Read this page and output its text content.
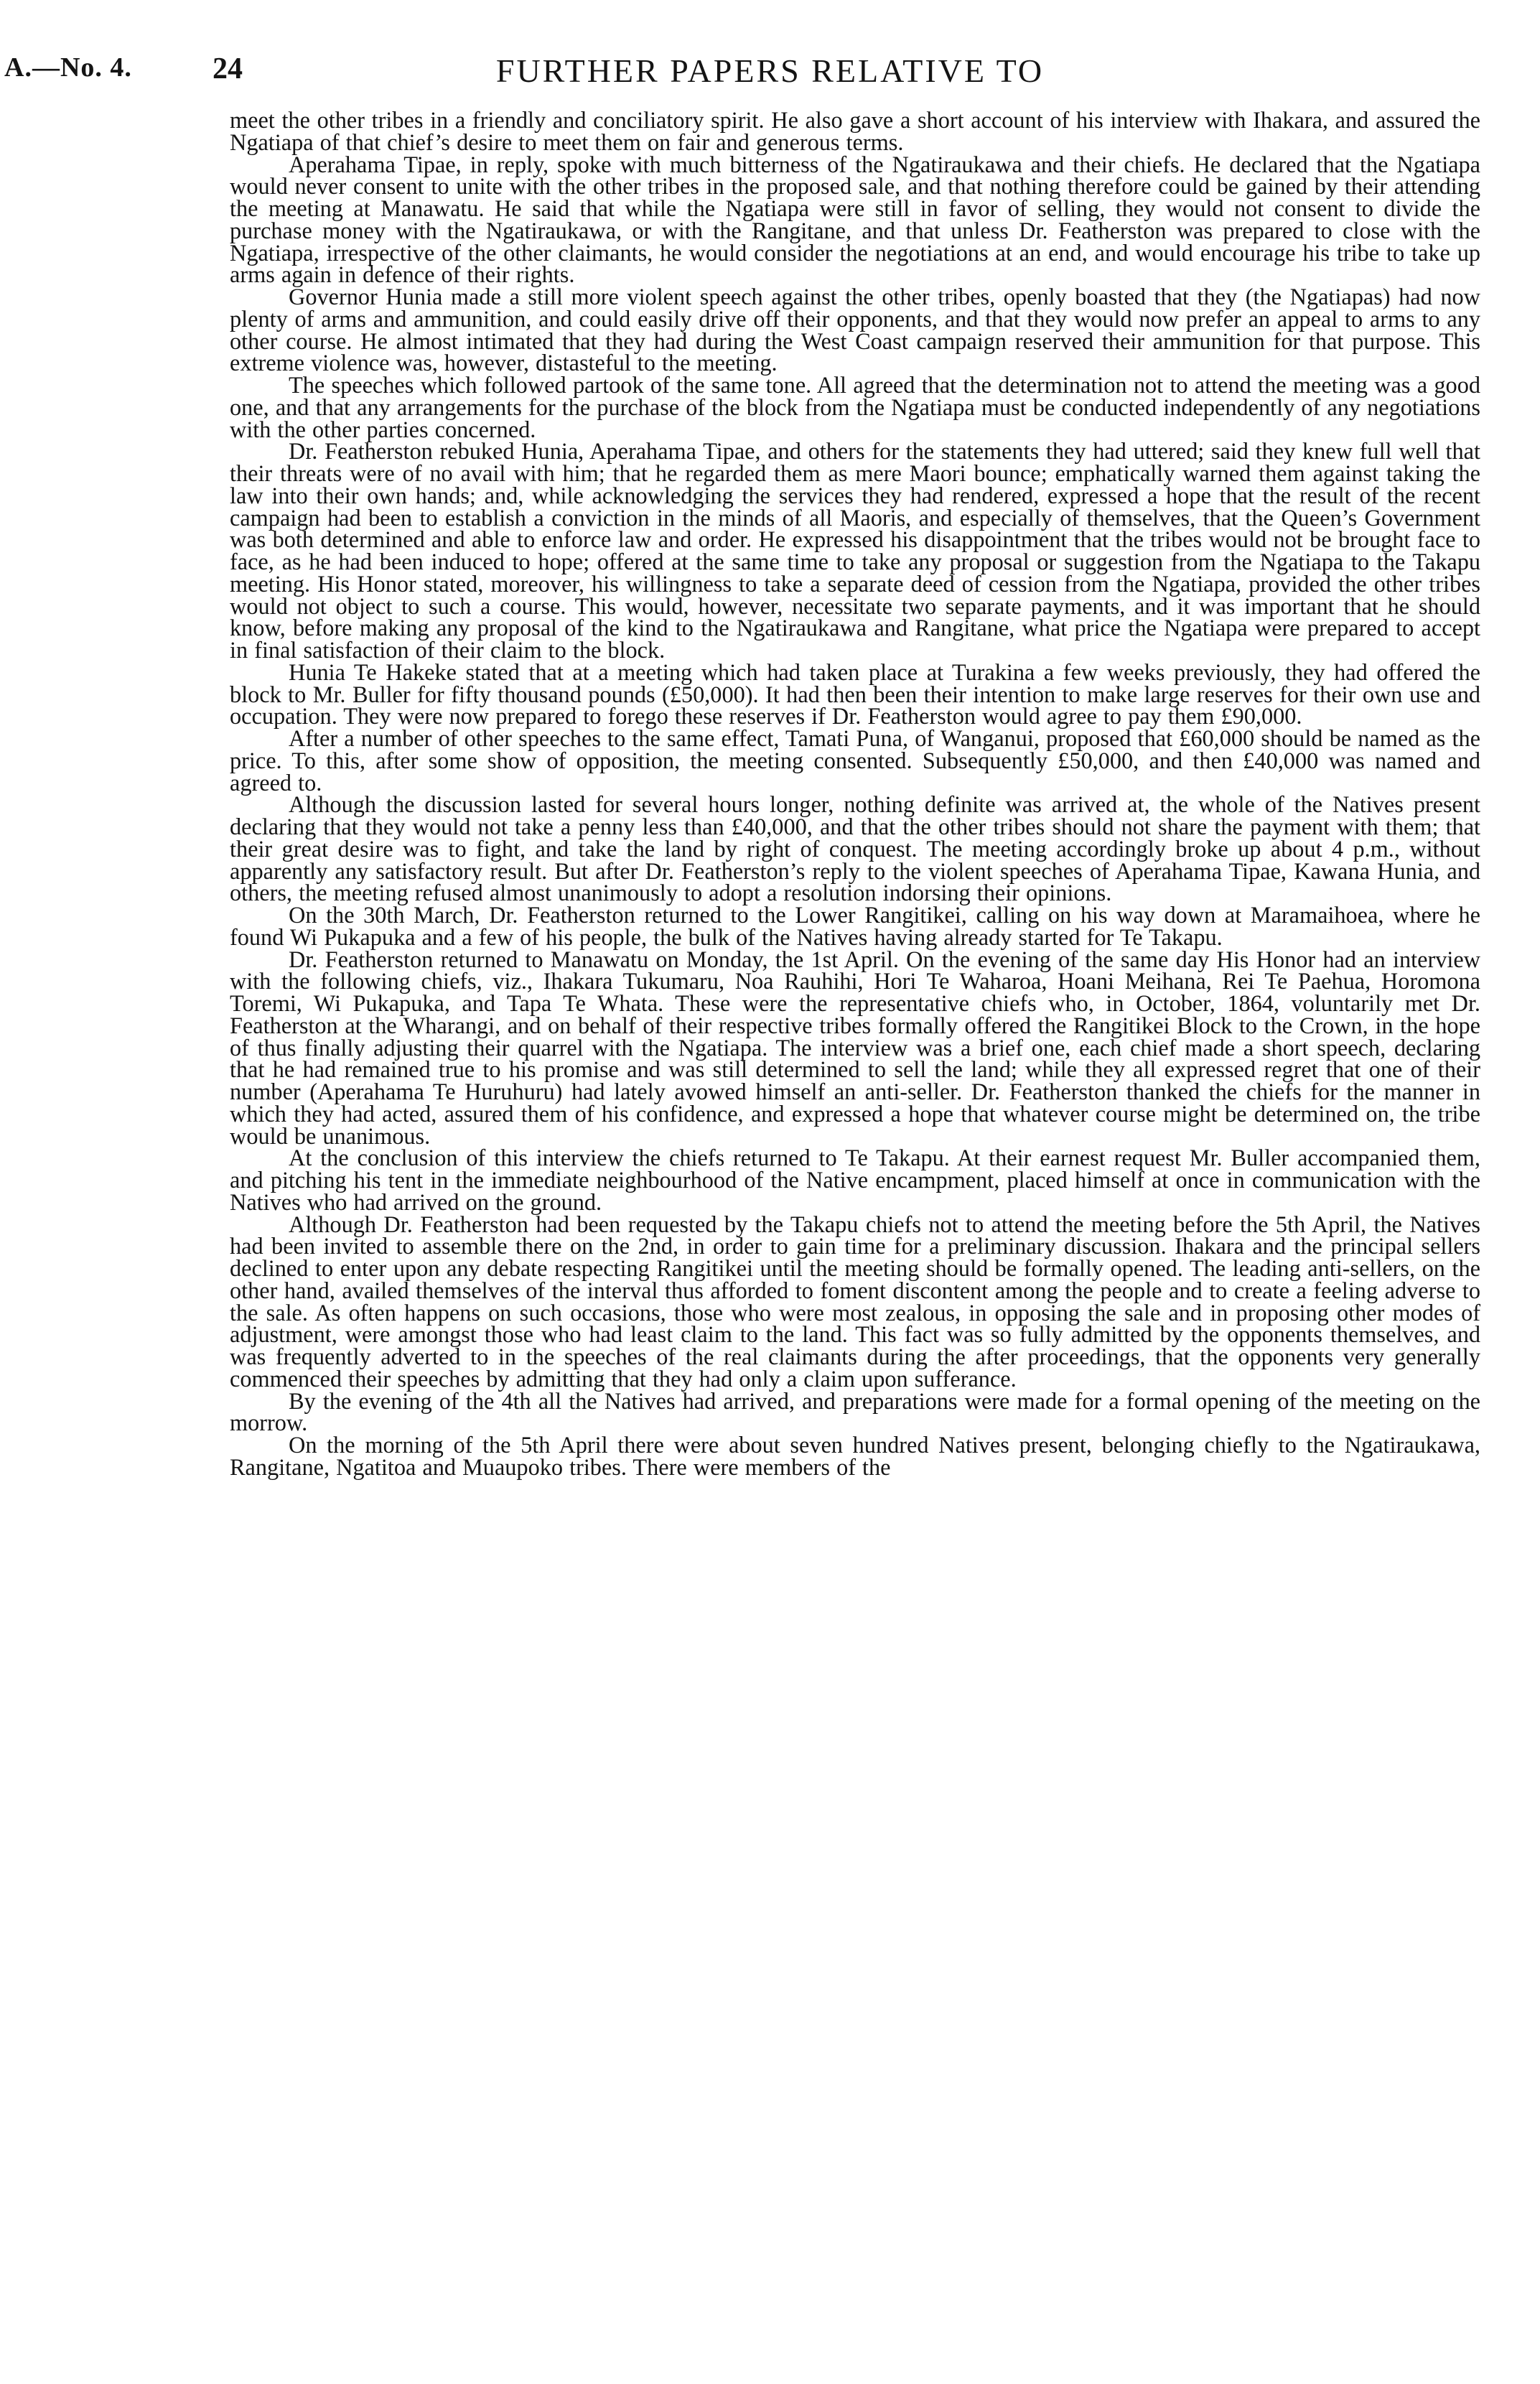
A.—No. 4.	24	FURTHER PAPERS RELATIVE TO

meet the other tribes in a friendly and conciliatory spirit. He also gave a short account of his interview with Ihakara, and assured the Ngatiapa of that chief’s desire to meet them on fair and generous terms.

Aperahama Tipae, in reply, spoke with much bitterness of the Ngatiraukawa and their chiefs. He declared that the Ngatiapa would never consent to unite with the other tribes in the proposed sale, and that nothing therefore could be gained by their attending the meeting at Manawatu. He said that while the Ngatiapa were still in favor of selling, they would not consent to divide the purchase money with the Ngatiraukawa, or with the Rangitane, and that unless Dr. Featherston was prepared to close with the Ngatiapa, irrespective of the other claimants, he would consider the negotiations at an end, and would encourage his tribe to take up arms again in defence of their rights.

Governor Hunia made a still more violent speech against the other tribes, openly boasted that they (the Ngatiapas) had now plenty of arms and ammunition, and could easily drive off their opponents, and that they would now prefer an appeal to arms to any other course. He almost intimated that they had during the West Coast campaign reserved their ammunition for that purpose. This extreme violence was, however, distasteful to the meeting.

The speeches which followed partook of the same tone. All agreed that the determination not to attend the meeting was a good one, and that any arrangements for the purchase of the block from the Ngatiapa must be conducted independently of any negotiations with the other parties concerned.

Dr. Featherston rebuked Hunia, Aperahama Tipae, and others for the statements they had uttered; said they knew full well that their threats were of no avail with him; that he regarded them as mere Maori bounce; emphatically warned them against taking the law into their own hands; and, while acknowledging the services they had rendered, expressed a hope that the result of the recent campaign had been to establish a conviction in the minds of all Maoris, and especially of themselves, that the Queen’s Government was both determined and able to enforce law and order. He expressed his disappointment that the tribes would not be brought face to face, as he had been induced to hope; offered at the same time to take any proposal or suggestion from the Ngatiapa to the Takapu meeting. His Honor stated, moreover, his willingness to take a separate deed of cession from the Ngatiapa, provided the other tribes would not object to such a course. This would, however, necessitate two separate payments, and it was important that he should know, before making any proposal of the kind to the Ngatiraukawa and Rangitane, what price the Ngatiapa were prepared to accept in final satisfaction of their claim to the block.

Hunia Te Hakeke stated that at a meeting which had taken place at Turakina a few weeks previously, they had offered the block to Mr. Buller for fifty thousand pounds (£50,000). It had then been their intention to make large reserves for their own use and occupation. They were now prepared to forego these reserves if Dr. Featherston would agree to pay them £90,000.

After a number of other speeches to the same effect, Tamati Puna, of Wanganui, proposed that £60,000 should be named as the price. To this, after some show of opposition, the meeting consented. Subsequently £50,000, and then £40,000 was named and agreed to.

Although the discussion lasted for several hours longer, nothing definite was arrived at, the whole of the Natives present declaring that they would not take a penny less than £40,000, and that the other tribes should not share the payment with them; that their great desire was to fight, and take the land by right of conquest. The meeting accordingly broke up about 4 p.m., without apparently any satisfactory result. But after Dr. Featherston’s reply to the violent speeches of Aperahama Tipae, Kawana Hunia, and others, the meeting refused almost unanimously to adopt a resolution indorsing their opinions.

On the 30th March, Dr. Featherston returned to the Lower Rangitikei, calling on his way down at Maramaihoea, where he found Wi Pukapuka and a few of his people, the bulk of the Natives having already started for Te Takapu.

Dr. Featherston returned to Manawatu on Monday, the 1st April. On the evening of the same day His Honor had an interview with the following chiefs, viz., Ihakara Tukumaru, Noa Rauhihi, Hori Te Waharoa, Hoani Meihana, Rei Te Paehua, Horomona Toremi, Wi Pukapuka, and Tapa Te Whata. These were the representative chiefs who, in October, 1864, voluntarily met Dr. Featherston at the Wharangi, and on behalf of their respective tribes formally offered the Rangitikei Block to the Crown, in the hope of thus finally adjusting their quarrel with the Ngatiapa. The interview was a brief one, each chief made a short speech, declaring that he had remained true to his promise and was still determined to sell the land; while they all expressed regret that one of their number (Aperahama Te Huruhuru) had lately avowed himself an anti-seller. Dr. Featherston thanked the chiefs for the manner in which they had acted, assured them of his confidence, and expressed a hope that whatever course might be determined on, the tribe would be unanimous.

At the conclusion of this interview the chiefs returned to Te Takapu. At their earnest request Mr. Buller accompanied them, and pitching his tent in the immediate neighbourhood of the Native encampment, placed himself at once in communication with the Natives who had arrived on the ground.

Although Dr. Featherston had been requested by the Takapu chiefs not to attend the meeting before the 5th April, the Natives had been invited to assemble there on the 2nd, in order to gain time for a preliminary discussion. Ihakara and the principal sellers declined to enter upon any debate respecting Rangitikei until the meeting should be formally opened. The leading anti-sellers, on the other hand, availed themselves of the interval thus afforded to foment discontent among the people and to create a feeling adverse to the sale. As often happens on such occasions, those who were most zealous, in opposing the sale and in proposing other modes of adjustment, were amongst those who had least claim to the land. This fact was so fully admitted by the opponents themselves, and was frequently adverted to in the speeches of the real claimants during the after proceedings, that the opponents very generally commenced their speeches by admitting that they had only a claim upon sufferance.

By the evening of the 4th all the Natives had arrived, and preparations were made for a formal opening of the meeting on the morrow.

On the morning of the 5th April there were about seven hundred Natives present, belonging chiefly to the Ngatiraukawa, Rangitane, Ngatitoa and Muaupoko tribes. There were members of the
